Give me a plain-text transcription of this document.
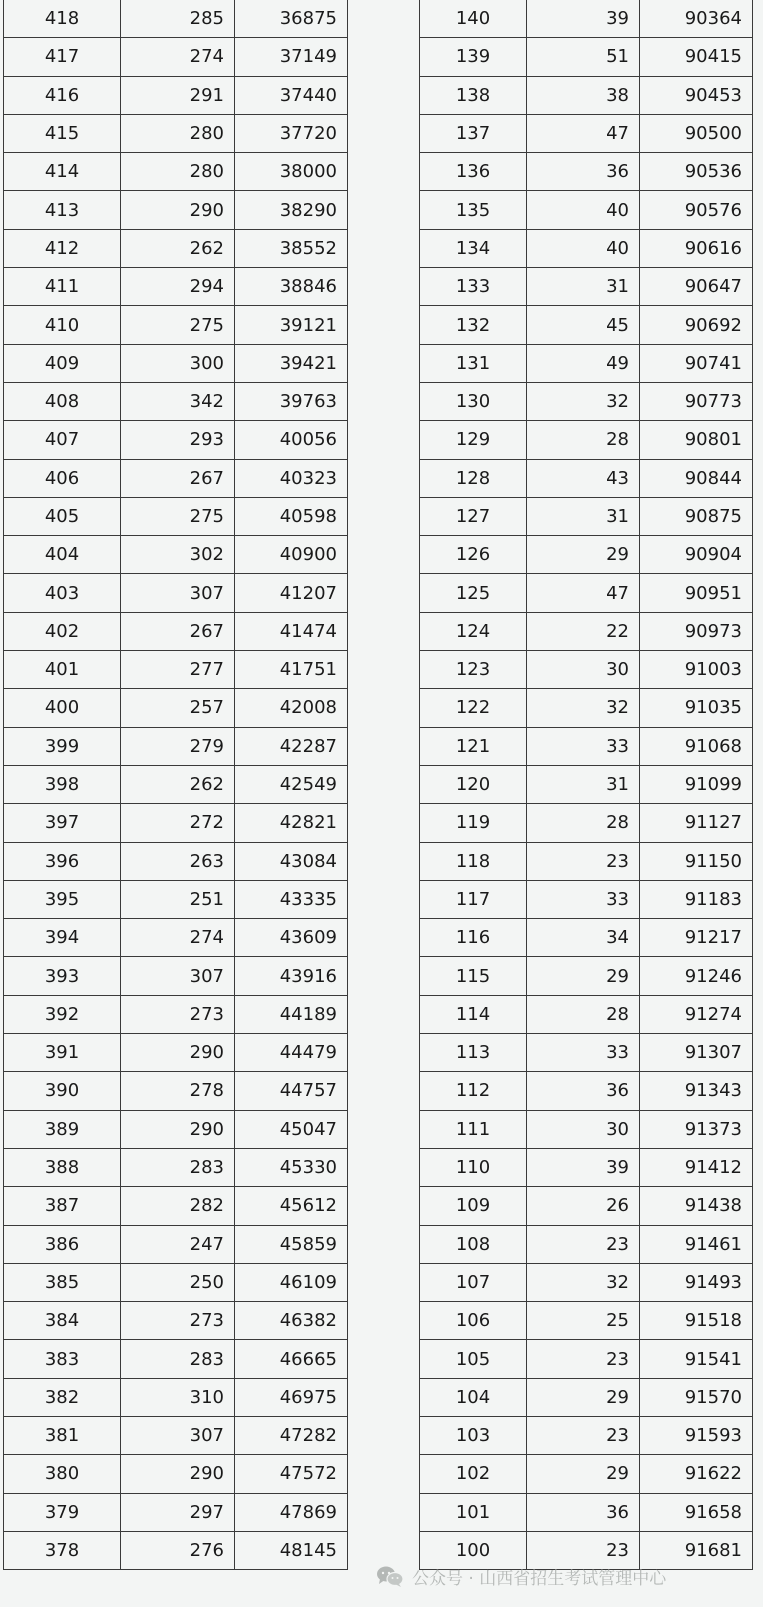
418	285	36875
417	274	37149
416	291	37440
415	280	37720
414	280	38000
413	290	38290
412	262	38552
411	294	38846
410	275	39121
409	300	39421
408	342	39763
407	293	40056
406	267	40323
405	275	40598
404	302	40900
403	307	41207
402	267	41474
401	277	41751
400	257	42008
399	279	42287
398	262	42549
397	272	42821
396	263	43084
395	251	43335
394	274	43609
393	307	43916
392	273	44189
391	290	44479
390	278	44757
389	290	45047
388	283	45330
387	282	45612
386	247	45859
385	250	46109
384	273	46382
383	283	46665
382	310	46975
381	307	47282
380	290	47572
379	297	47869
378	276	48145
140	39	90364
139	51	90415
138	38	90453
137	47	90500
136	36	90536
135	40	90576
134	40	90616
133	31	90647
132	45	90692
131	49	90741
130	32	90773
129	28	90801
128	43	90844
127	31	90875
126	29	90904
125	47	90951
124	22	90973
123	30	91003
122	32	91035
121	33	91068
120	31	91099
119	28	91127
118	23	91150
117	33	91183
116	34	91217
115	29	91246
114	28	91274
113	33	91307
112	36	91343
111	30	91373
110	39	91412
109	26	91438
108	23	91461
107	32	91493
106	25	91518
105	23	91541
104	29	91570
103	23	91593
102	29	91622
101	36	91658
100	23	91681
公众号 · 山西省招生考试管理中心
